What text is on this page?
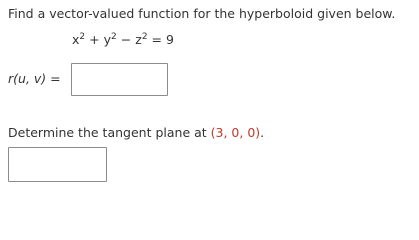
Find a vector-valued function for the hyperboloid given below.
$x^2 + y^2 - z^2 = 9$
r(u, v) =
Determine the tangent plane at (3, 0, 0).
